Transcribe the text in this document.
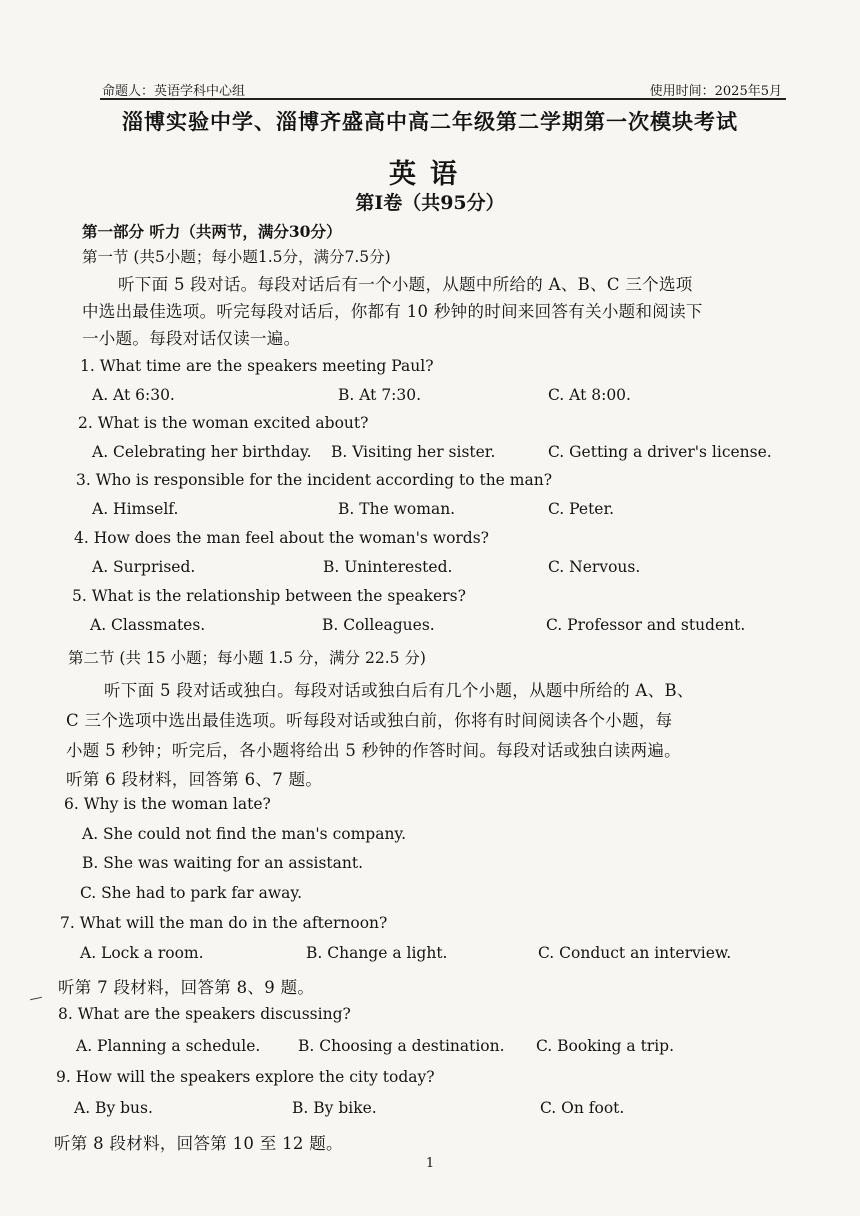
命题人：英语学科中心组	使用时间：2025年5月
淄博实验中学、淄博齐盛高中高二年级第二学期第一次模块考试
英语
第Ⅰ卷（共95分）
第一部分 听力（共两节，满分30分）
第一节 (共5小题；每小题1.5分，满分7.5分)
听下面 5 段对话。每段对话后有一个小题，从题中所给的 A、B、C 三个选项
中选出最佳选项。听完每段对话后，你都有 10 秒钟的时间来回答有关小题和阅读下
一小题。每段对话仅读一遍。
1. What time are the speakers meeting Paul?
A. At 6:30.	B. At 7:30.	C. At 8:00.
2. What is the woman excited about?
A. Celebrating her birthday. B. Visiting her sister.	C. Getting a driver's license.
3. Who is responsible for the incident according to the man?
A. Himself.	B. The woman.	C. Peter.
4. How does the man feel about the woman's words?
A. Surprised.	B. Uninterested.	C. Nervous.
5. What is the relationship between the speakers?
A. Classmates.	B. Colleagues.	C. Professor and student.
第二节 (共 15 小题；每小题 1.5 分，满分 22.5 分)
听下面 5 段对话或独白。每段对话或独白后有几个小题，从题中所给的 A、B、
C 三个选项中选出最佳选项。听每段对话或独白前，你将有时间阅读各个小题，每
小题 5 秒钟；听完后，各小题将给出 5 秒钟的作答时间。每段对话或独白读两遍。
听第 6 段材料，回答第 6、7 题。
6. Why is the woman late?
A. She could not find the man's company.
B. She was waiting for an assistant.
C. She had to park far away.
7. What will the man do in the afternoon?
A. Lock a room.	B. Change a light.	C. Conduct an interview.
听第 7 段材料，回答第 8、9 题。
8. What are the speakers discussing?
A. Planning a schedule. B. Choosing a destination. C. Booking a trip.
9. How will the speakers explore the city today?
A. By bus.	B. By bike.	C. On foot.
听第 8 段材料，回答第 10 至 12 题。
1
